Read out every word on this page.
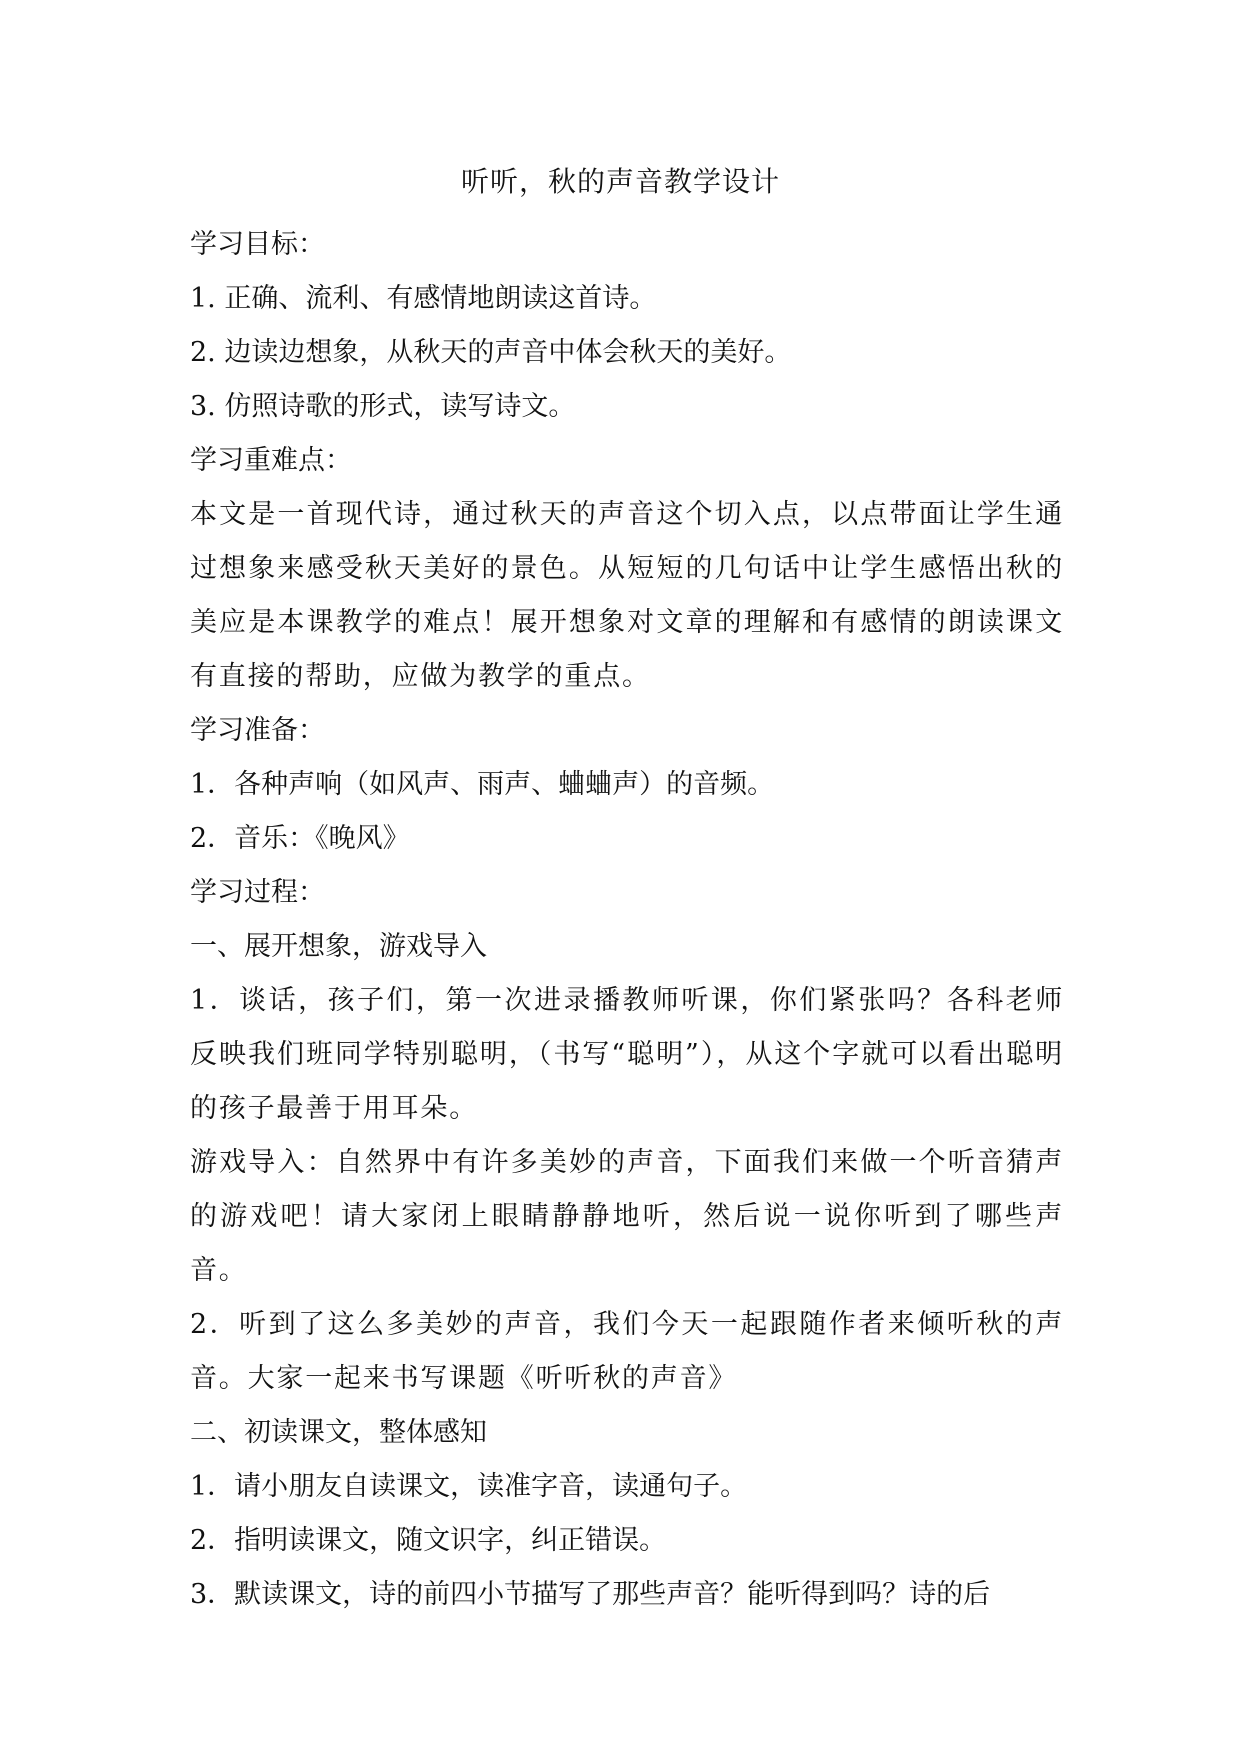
听听，秋的声音教学设计
学习目标：
1. 正确、流利、有感情地朗读这首诗。
2. 边读边想象，从秋天的声音中体会秋天的美好。
3. 仿照诗歌的形式，读写诗文。
学习重难点：
本文是一首现代诗，通过秋天的声音这个切入点，以点带面让学生通过想象来感受秋天美好的景色。从短短的几句话中让学生感悟出秋的美应是本课教学的难点！展开想象对文章的理解和有感情的朗读课文有直接的帮助，应做为教学的重点。
学习准备：
1．各种声响（如风声、雨声、蛐蛐声）的音频。
2．音乐：《晚风》
学习过程：
一、展开想象，游戏导入
1．谈话，孩子们，第一次进录播教师听课，你们紧张吗？各科老师反映我们班同学特别聪明，（书写“聪明”），从这个字就可以看出聪明的孩子最善于用耳朵。
游戏导入：自然界中有许多美妙的声音，下面我们来做一个听音猜声的游戏吧！请大家闭上眼睛静静地听，然后说一说你听到了哪些声音。
2．听到了这么多美妙的声音，我们今天一起跟随作者来倾听秋的声音。大家一起来书写课题《听听秋的声音》
二、初读课文，整体感知
1．请小朋友自读课文，读准字音，读通句子。
2．指明读课文，随文识字，纠正错误。
3．默读课文，诗的前四小节描写了那些声音？能听得到吗？诗的后
